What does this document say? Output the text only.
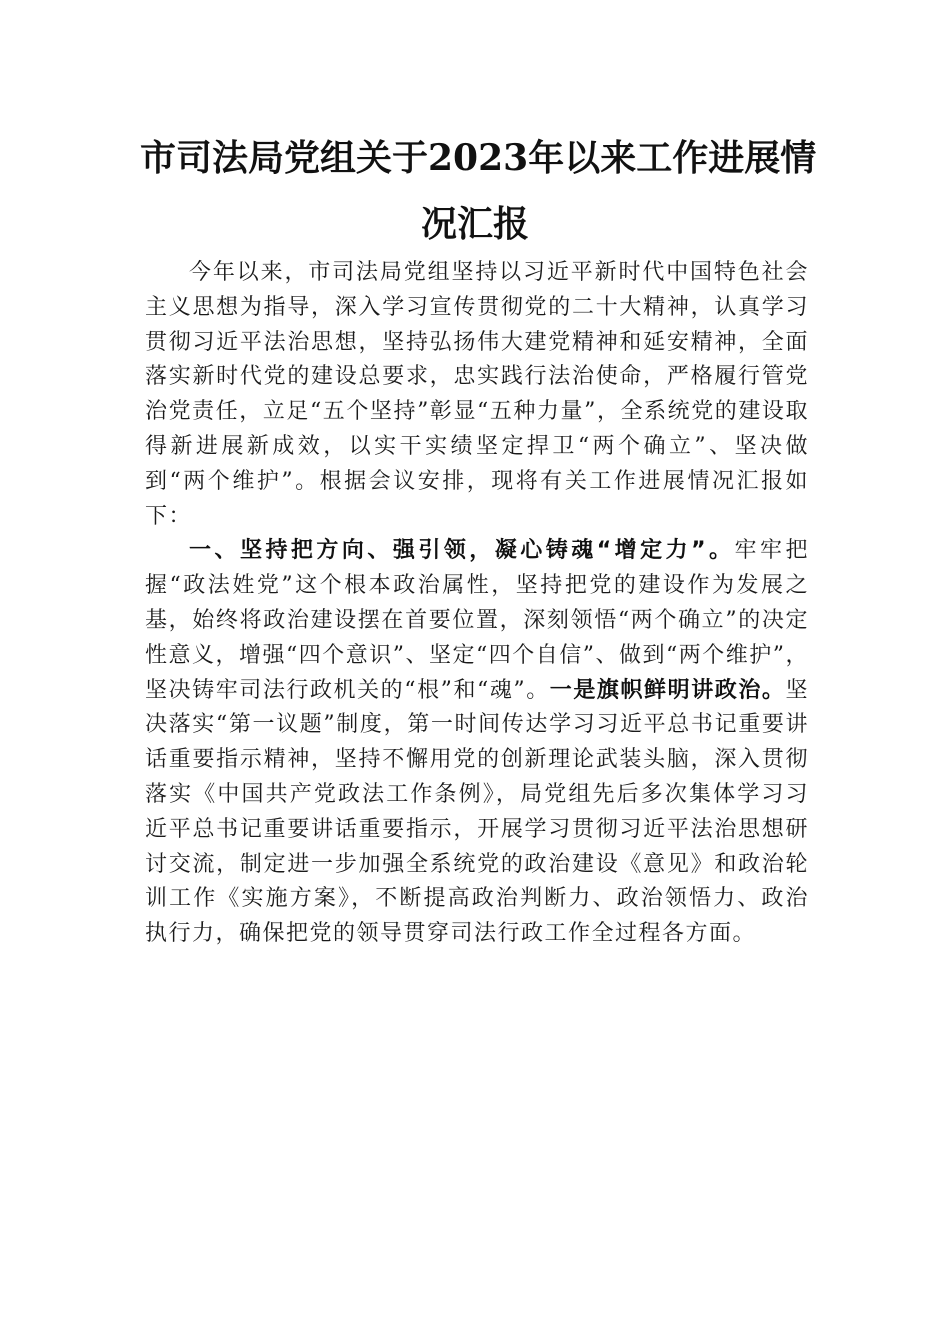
市司法局党组关于2023年以来工作进展情
况汇报

今年以来，市司法局党组坚持以习近平新时代中国特色社会主义思想为指导，深入学习宣传贯彻党的二十大精神，认真学习贯彻习近平法治思想，坚持弘扬伟大建党精神和延安精神，全面落实新时代党的建设总要求，忠实践行法治使命，严格履行管党治党责任，立足“五个坚持”彰显“五种力量”，全系统党的建设取得新进展新成效，以实干实绩坚定捍卫“两个确立”、坚决做到“两个维护”。根据会议安排，现将有关工作进展情况汇报如下：

一、坚持把方向、强引领，凝心铸魂“增定力”。牢牢把握“政法姓党”这个根本政治属性，坚持把党的建设作为发展之基，始终将政治建设摆在首要位置，深刻领悟“两个确立”的决定性意义，增强“四个意识”、坚定“四个自信”、做到“两个维护”，坚决铸牢司法行政机关的“根”和“魂”。一是旗帜鲜明讲政治。坚决落实“第一议题”制度，第一时间传达学习习近平总书记重要讲话重要指示精神，坚持不懈用党的创新理论武装头脑，深入贯彻落实《中国共产党政法工作条例》，局党组先后多次集体学习习近平总书记重要讲话重要指示，开展学习贯彻习近平法治思想研讨交流，制定进一步加强全系统党的政治建设《意见》和政治轮训工作《实施方案》，不断提高政治判断力、政治领悟力、政治执行力，确保把党的领导贯穿司法行政工作全过程各方面。
